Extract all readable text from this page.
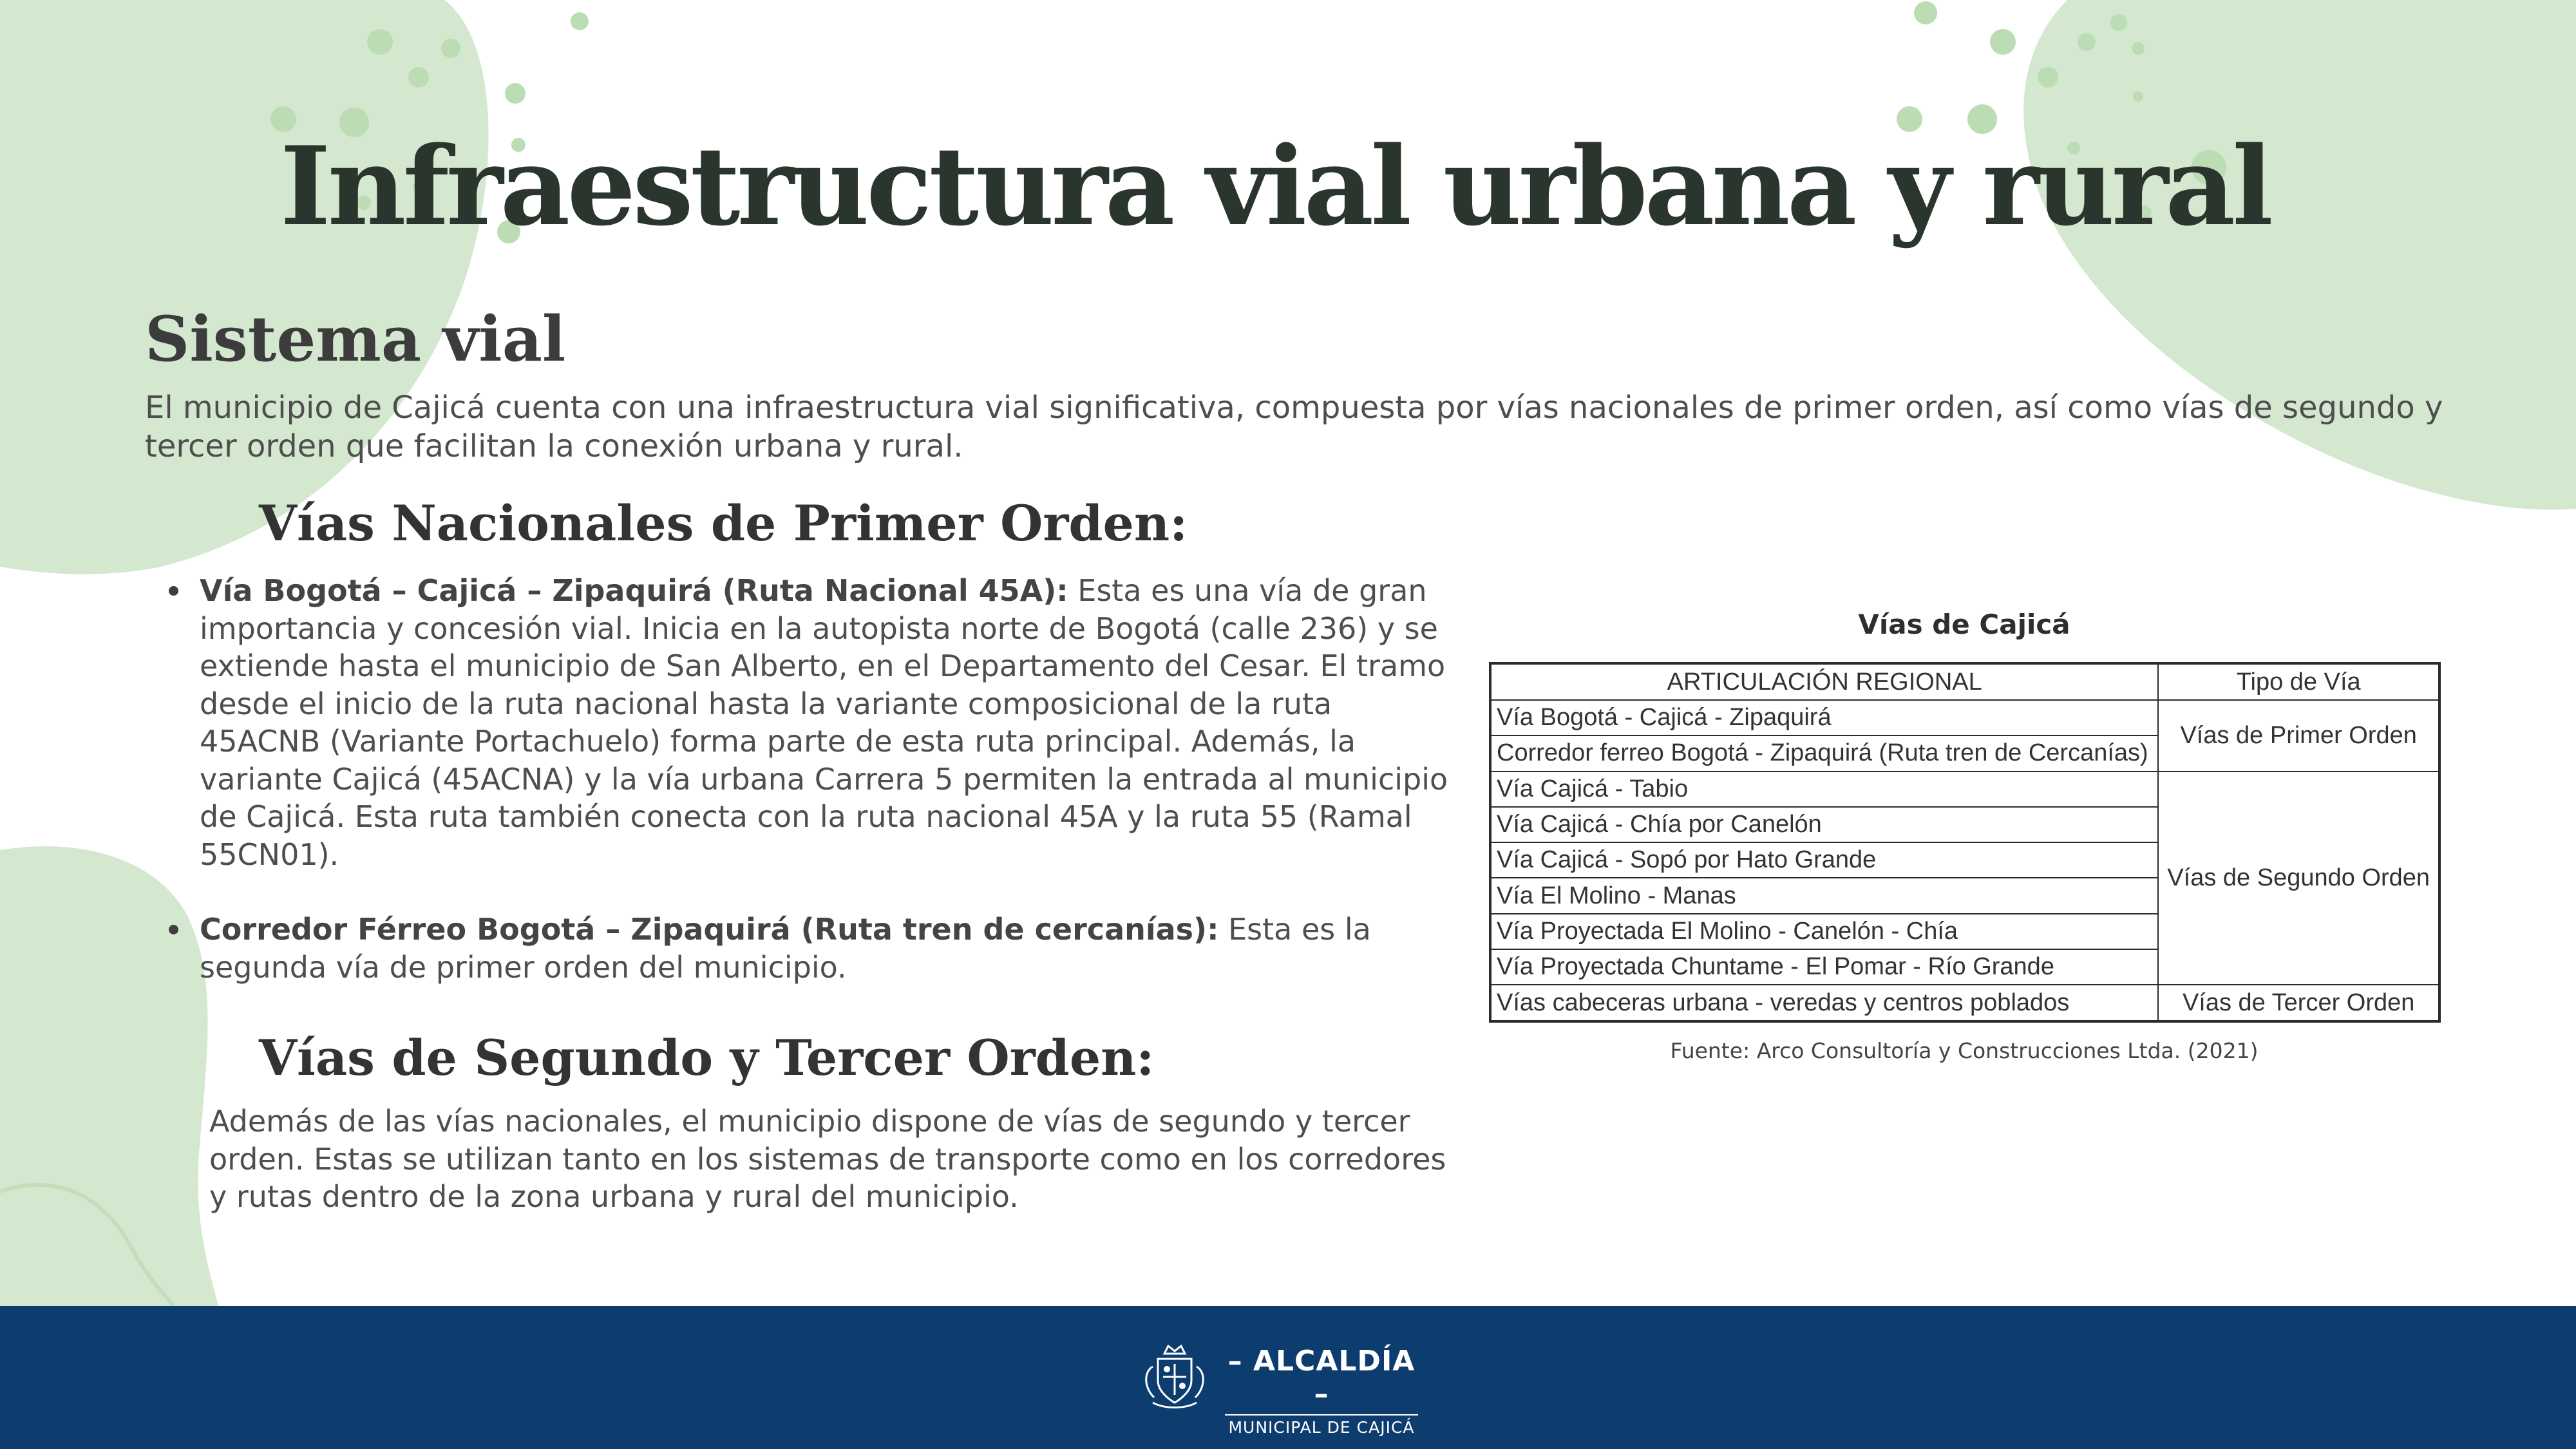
Infraestructura vial urbana y rural
Sistema vial

El municipio de Cajicá cuenta con una infraestructura vial significativa, compuesta por vías nacionales de primer orden, así como vías de segundo y tercer orden que facilitan la conexión urbana y rural.

Vías Nacionales de Primer Orden:
Vía Bogotá – Cajicá – Zipaquirá (Ruta Nacional 45A): Esta es una vía de gran importancia y concesión vial. Inicia en la autopista norte de Bogotá (calle 236) y se extiende hasta el municipio de San Alberto, en el Departamento del Cesar. El tramo desde el inicio de la ruta nacional hasta la variante composicional de la ruta 45ACNB (Variante Portachuelo) forma parte de esta ruta principal. Además, la variante Cajicá (45ACNA) y la vía urbana Carrera 5 permiten la entrada al municipio de Cajicá. Esta ruta también conecta con la ruta nacional 45A y la ruta 55 (Ramal 55CN01).
Corredor Férreo Bogotá – Zipaquirá (Ruta tren de cercanías): Esta es la segunda vía de primer orden del municipio.
Vías de Segundo y Tercer Orden:

Además de las vías nacionales, el municipio dispone de vías de segundo y tercer orden. Estas se utilizan tanto en los sistemas de transporte como en los corredores y rutas dentro de la zona urbana y rural del municipio.

Vías de Cajicá

ARTICULACIÓN REGIONAL	Tipo de Vía
Vía Bogotá - Cajicá - Zipaquirá	Vías de Primer Orden
Corredor ferreo Bogotá - Zipaquirá (Ruta tren de Cercanías)	
Vía Cajicá - Tabio	Vías de Segundo Orden
Vía Cajicá - Chía por Canelón	
Vía Cajicá - Sopó por Hato Grande	
Vía El Molino - Manas	
Vía Proyectada El Molino - Canelón - Chía	
Vía Proyectada Chuntame - El Pomar - Río Grande	
Vías cabeceras urbana - veredas y centros poblados	Vías de Tercer Orden

Fuente: Arco Consultoría y Construcciones Ltda. (2021)

– ALCALDÍA –
MUNICIPAL DE CAJICÁ
